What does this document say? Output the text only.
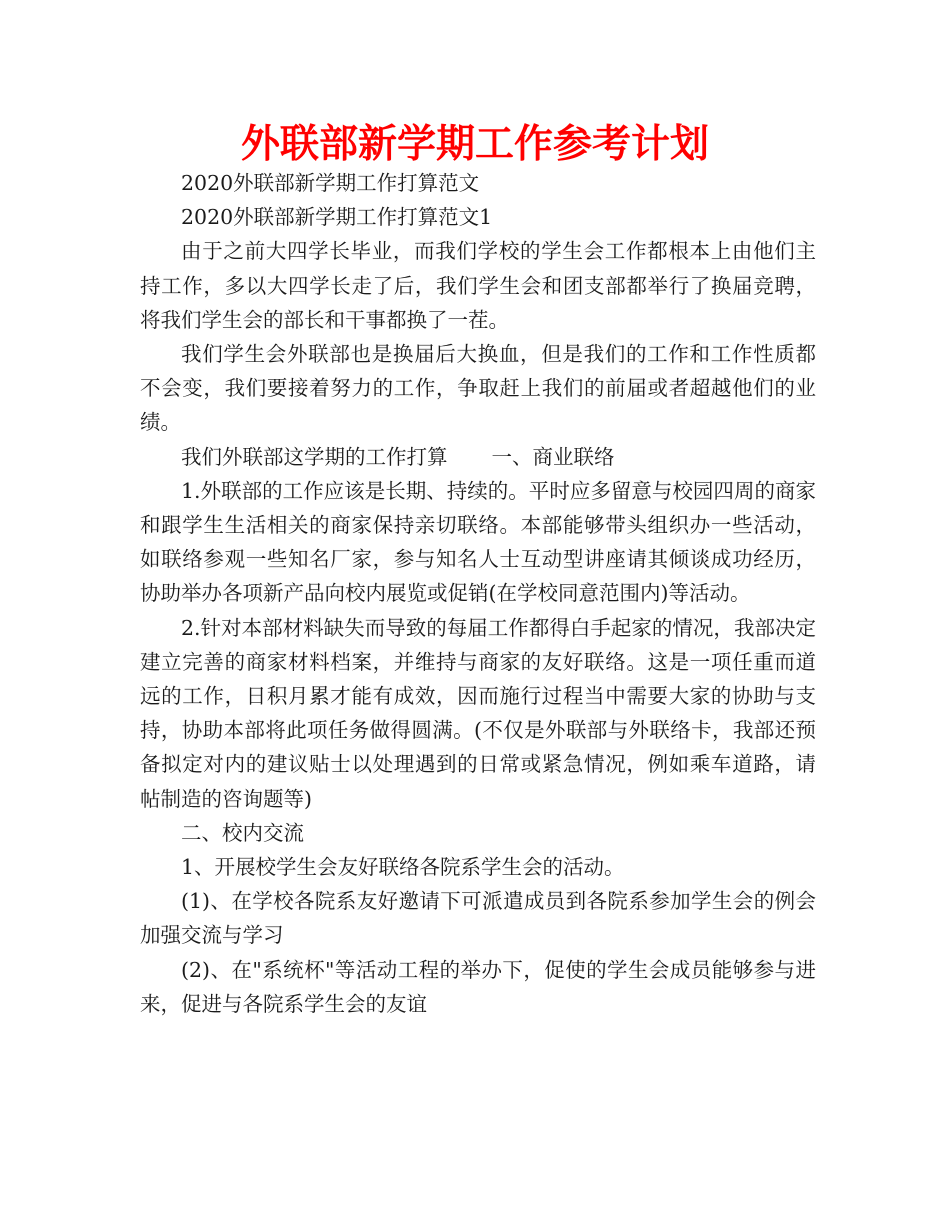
外联部新学期工作参考计划

2020外联部新学期工作打算范文

2020外联部新学期工作打算范文1

由于之前大四学长毕业，而我们学校的学生会工作都根本上由他们主持工作，多以大四学长走了后，我们学生会和团支部都举行了换届竞聘，将我们学生会的部长和干事都换了一茬。

我们学生会外联部也是换届后大换血，但是我们的工作和工作性质都不会变，我们要接着努力的工作，争取赶上我们的前届或者超越他们的业绩。

我们外联部这学期的工作打算 一、商业联络

1.外联部的工作应该是长期、持续的。平时应多留意与校园四周的商家和跟学生生活相关的商家保持亲切联络。本部能够带头组织办一些活动，如联络参观一些知名厂家，参与知名人士互动型讲座请其倾谈成功经历，协助举办各项新产品向校内展览或促销(在学校同意范围内)等活动。

2.针对本部材料缺失而导致的每届工作都得白手起家的情况，我部决定建立完善的商家材料档案，并维持与商家的友好联络。这是一项任重而道远的工作，日积月累才能有成效，因而施行过程当中需要大家的协助与支持，协助本部将此项任务做得圆满。(不仅是外联部与外联络卡，我部还预备拟定对内的建议贴士以处理遇到的日常或紧急情况，例如乘车道路，请帖制造的咨询题等)

二、校内交流

1、开展校学生会友好联络各院系学生会的活动。

(1)、在学校各院系友好邀请下可派遣成员到各院系参加学生会的例会加强交流与学习

(2)、在"系统杯"等活动工程的举办下，促使的学生会成员能够参与进来，促进与各院系学生会的友谊
